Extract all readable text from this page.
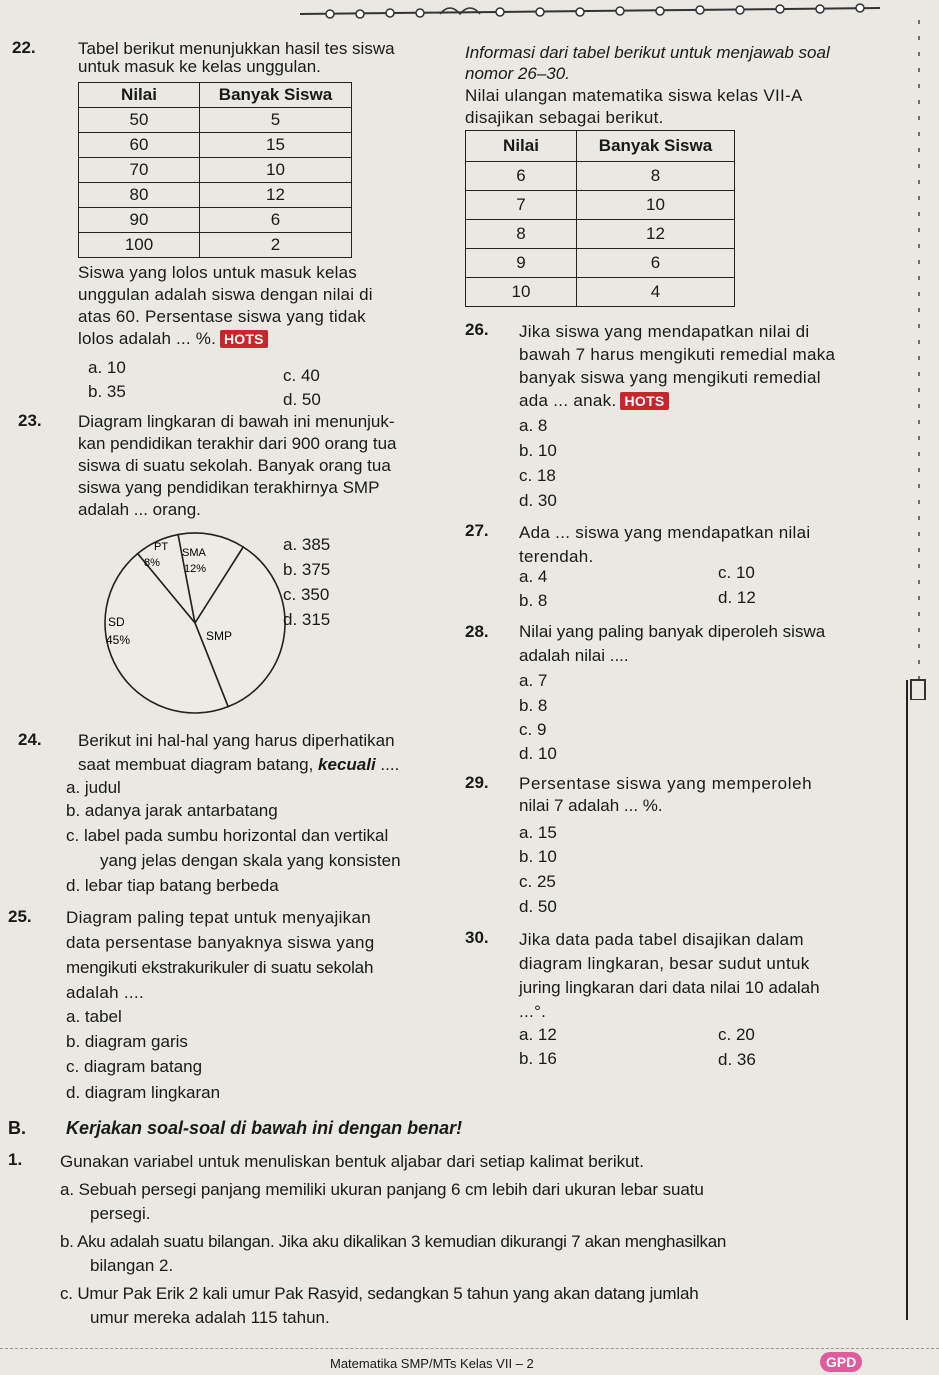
22. Tabel berikut menunjukkan hasil tes siswa
untuk masuk ke kelas unggulan.
Nilai	Banyak Siswa
50	5
60	15
70	10
80	12
90	6
100	2
Siswa yang lolos untuk masuk kelas
unggulan adalah siswa dengan nilai di
atas 60. Persentase siswa yang tidak
lolos adalah ... %. HOTS
a. 10
b. 35
c. 40
d. 50
23. Diagram lingkaran di bawah ini menunjuk-
kan pendidikan terakhir dari 900 orang tua
siswa di suatu sekolah. Banyak orang tua
siswa yang pendidikan terakhirnya SMP
adalah ... orang.
PT
8%
SMA
12%
SMP
SD
45%
a. 385
b. 375
c. 350
d. 315
24. Berikut ini hal-hal yang harus diperhatikan
saat membuat diagram batang, kecuali ....
a. judul
b. adanya jarak antarbatang
c. label pada sumbu horizontal dan vertikal
yang jelas dengan skala yang konsisten
d. lebar tiap batang berbeda
25. Diagram paling tepat untuk menyajikan
data persentase banyaknya siswa yang
mengikuti ekstrakurikuler di suatu sekolah
adalah ....
a. tabel
b. diagram garis
c. diagram batang
d. diagram lingkaran
Informasi dari tabel berikut untuk menjawab soal
nomor 26–30.
Nilai ulangan matematika siswa kelas VII-A
disajikan sebagai berikut.
Nilai	Banyak Siswa
6	8
7	10
8	12
9	6
10	4
26. Jika siswa yang mendapatkan nilai di
bawah 7 harus mengikuti remedial maka
banyak siswa yang mengikuti remedial
ada ... anak. HOTS
a. 8
b. 10
c. 18
d. 30
27. Ada ... siswa yang mendapatkan nilai
terendah.
a. 4
b. 8
c. 10
d. 12
28. Nilai yang paling banyak diperoleh siswa
adalah nilai ....
a. 7
b. 8
c. 9
d. 10
29. Persentase siswa yang memperoleh
nilai 7 adalah ... %.
a. 15
b. 10
c. 25
d. 50
30. Jika data pada tabel disajikan dalam
diagram lingkaran, besar sudut untuk
juring lingkaran dari data nilai 10 adalah
...°.
a. 12
b. 16
c. 20
d. 36
B. Kerjakan soal-soal di bawah ini dengan benar!
1. Gunakan variabel untuk menuliskan bentuk aljabar dari setiap kalimat berikut.
a. Sebuah persegi panjang memiliki ukuran panjang 6 cm lebih dari ukuran lebar suatu
persegi.
b. Aku adalah suatu bilangan. Jika aku dikalikan 3 kemudian dikurangi 7 akan menghasilkan
bilangan 2.
c. Umur Pak Erik 2 kali umur Pak Rasyid, sedangkan 5 tahun yang akan datang jumlah
umur mereka adalah 115 tahun.
Matematika SMP/MTs Kelas VII – 2	GPD
